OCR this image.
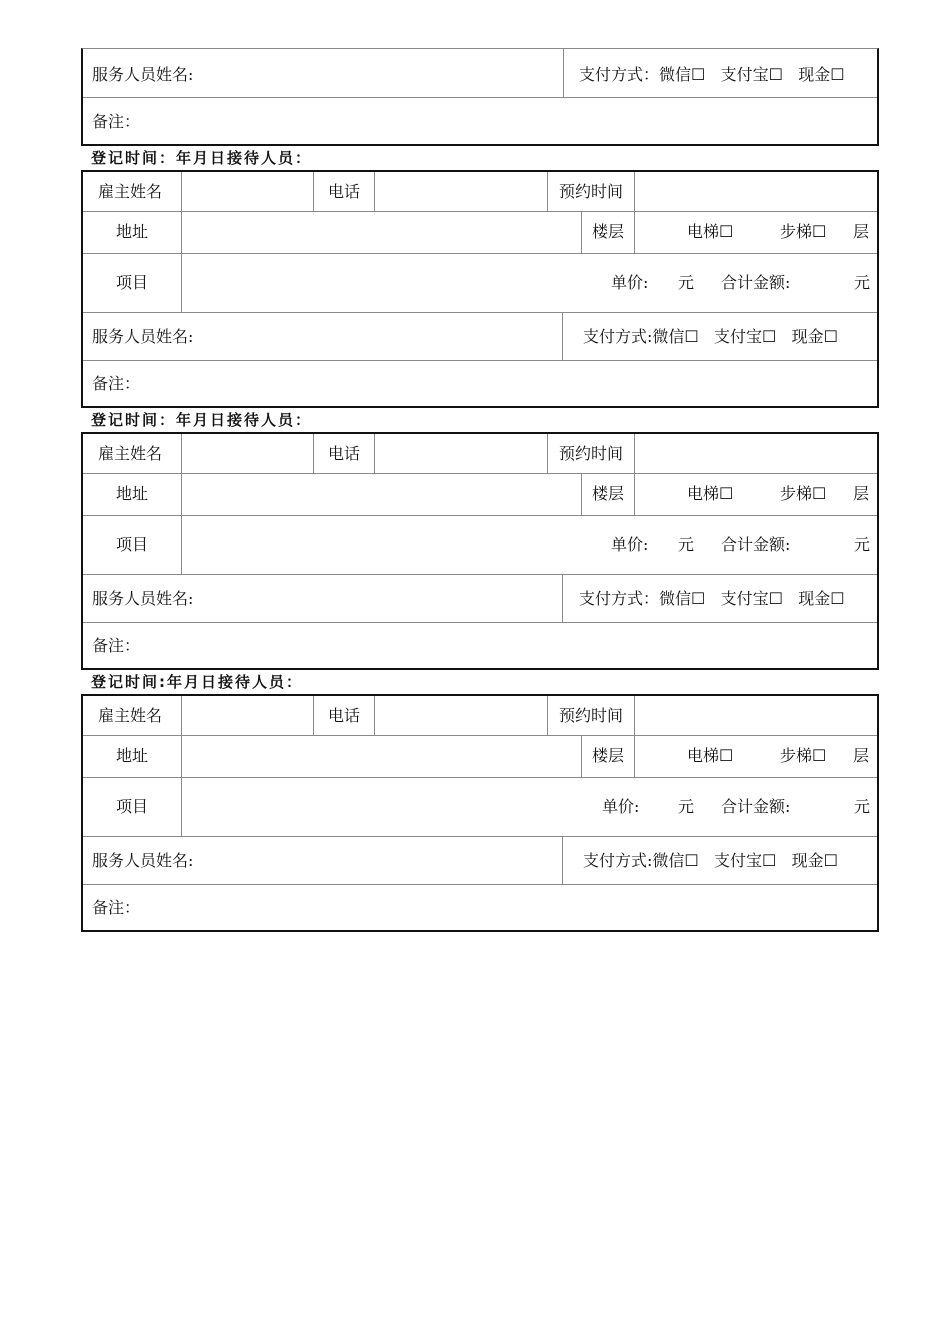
服务人员姓名:	支付方式：微信☐   支付宝☐   现金☐
备注：
登记时间：年月日接待人员：
雇主姓名	电话	预约时间
地址	楼层	电梯☐	步梯☐ 层
项目	单价: 元 合计金额:	元
服务人员姓名:	支付方式:微信☐   支付宝☐   现金☐
备注：
登记时间：年月日接待人员：
雇主姓名	电话	预约时间
地址	楼层	电梯☐	步梯☐ 层
项目	单价: 元 合计金额:	元
服务人员姓名:	支付方式：微信☐   支付宝☐   现金☐
备注：
登记时间:年月日接待人员：
雇主姓名	电话	预约时间
地址	楼层	电梯☐	步梯☐ 层
项目	单价: 元 合计金额:	元
服务人员姓名:	支付方式:微信☐   支付宝☐   现金☐
备注：
